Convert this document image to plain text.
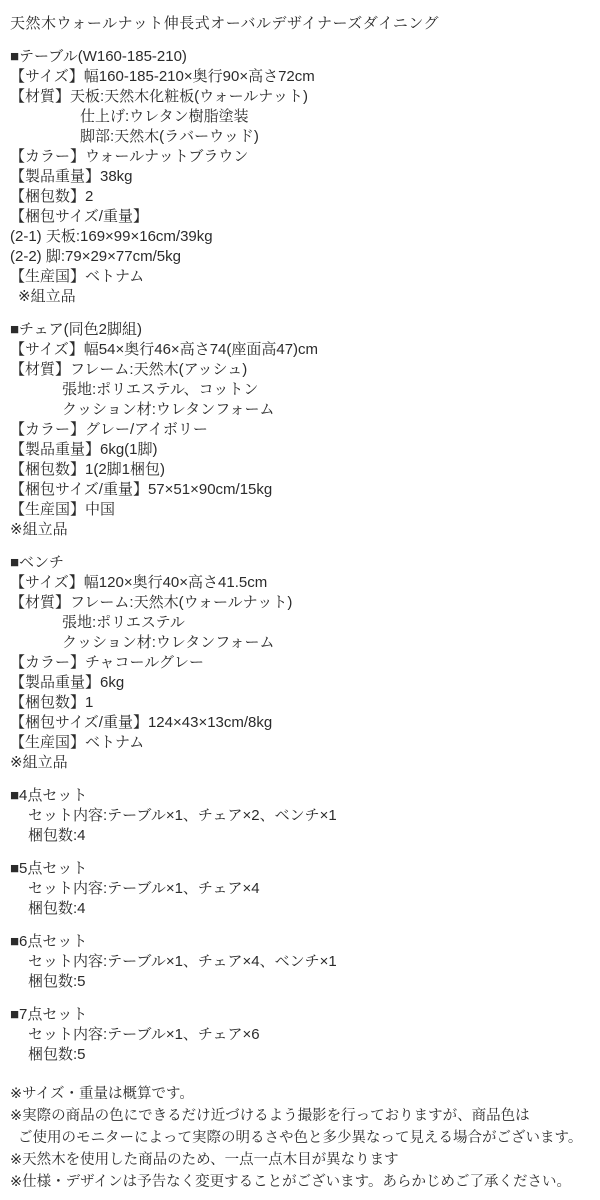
天然木ウォールナット伸長式オーバルデザイナーズダイニング
■テーブル(W160-185-210)
【サイズ】幅160-185-210×奥行90×高さ72cm
【材質】天板:天然木化粧板(ウォールナット)
仕上げ:ウレタン樹脂塗装
脚部:天然木(ラバーウッド)
【カラー】ウォールナットブラウン
【製品重量】38kg
【梱包数】2
【梱包サイズ/重量】
(2-1) 天板:169×99×16cm/39kg
(2-2) 脚:79×29×77cm/5kg
【生産国】ベトナム
※組立品
■チェア(同色2脚組)
【サイズ】幅54×奥行46×高さ74(座面高47)cm
【材質】フレーム:天然木(アッシュ)
張地:ポリエステル、コットン
クッション材:ウレタンフォーム
【カラー】グレー/アイボリー
【製品重量】6kg(1脚)
【梱包数】1(2脚1梱包)
【梱包サイズ/重量】57×51×90cm/15kg
【生産国】中国
※組立品
■ベンチ
【サイズ】幅120×奥行40×高さ41.5cm
【材質】フレーム:天然木(ウォールナット)
張地:ポリエステル
クッション材:ウレタンフォーム
【カラー】チャコールグレー
【製品重量】6kg
【梱包数】1
【梱包サイズ/重量】124×43×13cm/8kg
【生産国】ベトナム
※組立品
■4点セット
セット内容:テーブル×1、チェア×2、ベンチ×1
梱包数:4
■5点セット
セット内容:テーブル×1、チェア×4
梱包数:4
■6点セット
セット内容:テーブル×1、チェア×4、ベンチ×1
梱包数:5
■7点セット
セット内容:テーブル×1、チェア×6
梱包数:5
※サイズ・重量は概算です。
※実際の商品の色にできるだけ近づけるよう撮影を行っておりますが、商品色は
ご使用のモニターによって実際の明るさや色と多少異なって見える場合がございます。
※天然木を使用した商品のため、一点一点木目が異なります
※仕様・デザインは予告なく変更することがございます。あらかじめご了承ください。
